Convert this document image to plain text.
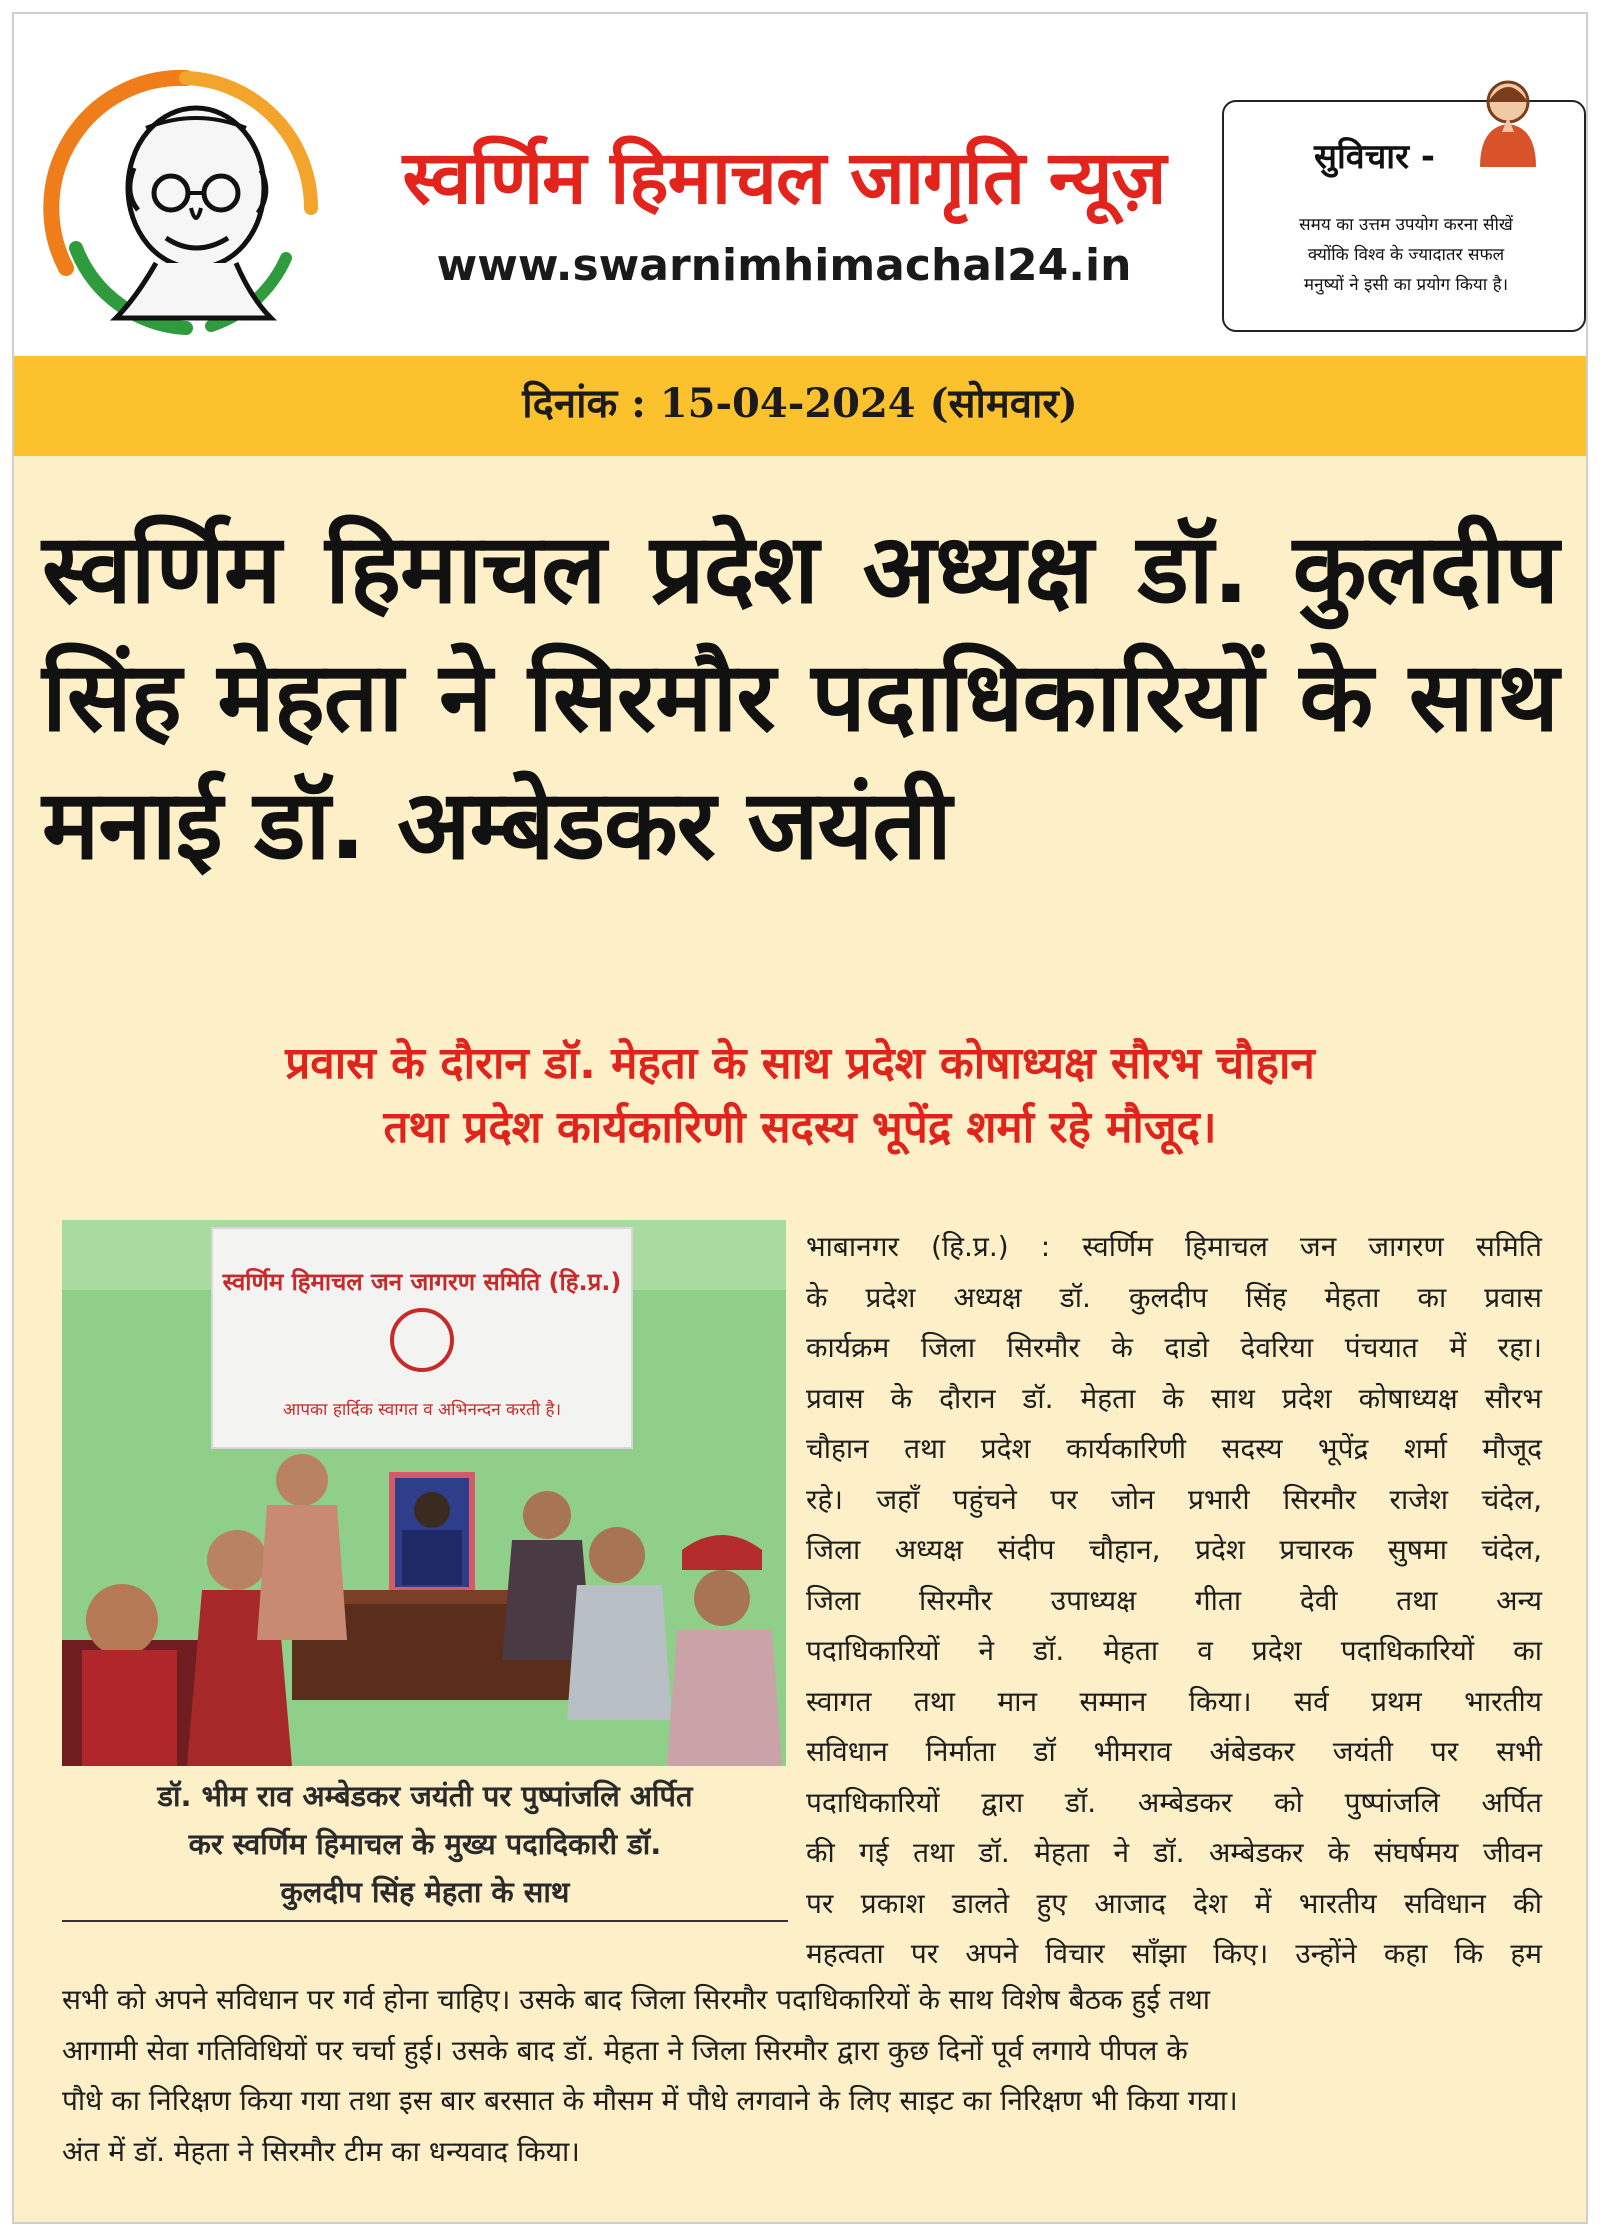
स्वर्णिम हिमाचल जागृति न्यूज़
www.swarnimhimachal24.in
सुविचार -
समय का उत्तम उपयोग करना सीखें
क्योंकि विश्व के ज्यादातर सफल
मनुष्यों ने इसी का प्रयोग किया है।
दिनांक : 15-04-2024 (सोमवार)
स्वर्णिम हिमाचल प्रदेश अध्यक्ष डॉ. कुलदीप सिंह मेहता ने सिरमौर पदाधिकारियों के साथ मनाई डॉ. अम्बेडकर जयंती
प्रवास के दौरान डॉ. मेहता के साथ प्रदेश कोषाध्यक्ष सौरभ चौहान
तथा प्रदेश कार्यकारिणी सदस्य भूपेंद्र शर्मा रहे मौजूद।
स्वर्णिम हिमाचल जन जागरण समिति (हि.प्र.)
आपका हार्दिक स्वागत व अभिनन्दन करती है।
डॉ. भीम राव अम्बेडकर जयंती पर पुष्पांजलि अर्पित
कर स्वर्णिम हिमाचल के मुख्य पदादिकारी डॉ.
कुलदीप सिंह मेहता के साथ
भाबानगर (हि.प्र.) : स्वर्णिम हिमाचल जन जागरण समिति
के प्रदेश अध्यक्ष डॉ. कुलदीप सिंह मेहता का प्रवास
कार्यक्रम जिला सिरमौर के दाडो देवरिया पंचयात में रहा।
प्रवास के दौरान डॉ. मेहता के साथ प्रदेश कोषाध्यक्ष सौरभ
चौहान तथा प्रदेश कार्यकारिणी सदस्य भूपेंद्र शर्मा मौजूद
रहे। जहाँ पहुंचने पर जोन प्रभारी सिरमौर राजेश चंदेल,
जिला अध्यक्ष संदीप चौहान, प्रदेश प्रचारक सुषमा चंदेल,
जिला सिरमौर उपाध्यक्ष गीता देवी तथा अन्य
पदाधिकारियों ने डॉ. मेहता व प्रदेश पदाधिकारियों का
स्वागत तथा मान सम्मान किया। सर्व प्रथम भारतीय
सविधान निर्माता डॉ भीमराव अंबेडकर जयंती पर सभी
पदाधिकारियों द्वारा डॉ. अम्बेडकर को पुष्पांजलि अर्पित
की गई तथा डॉ. मेहता ने डॉ. अम्बेडकर के संघर्षमय जीवन
पर प्रकाश डालते हुए आजाद देश में भारतीय सविधान की
महत्वता पर अपने विचार साँझा किए। उन्होंने कहा कि हम
सभी को अपने सविधान पर गर्व होना चाहिए। उसके बाद जिला सिरमौर पदाधिकारियों के साथ विशेष बैठक हुई तथा
आगामी सेवा गतिविधियों पर चर्चा हुई। उसके बाद डॉ. मेहता ने जिला सिरमौर द्वारा कुछ दिनों पूर्व लगाये पीपल के
पौधे का निरिक्षण किया गया तथा इस बार बरसात के मौसम में पौधे लगवाने के लिए साइट का निरिक्षण भी किया गया।
अंत में डॉ. मेहता ने सिरमौर टीम का धन्यवाद किया।
